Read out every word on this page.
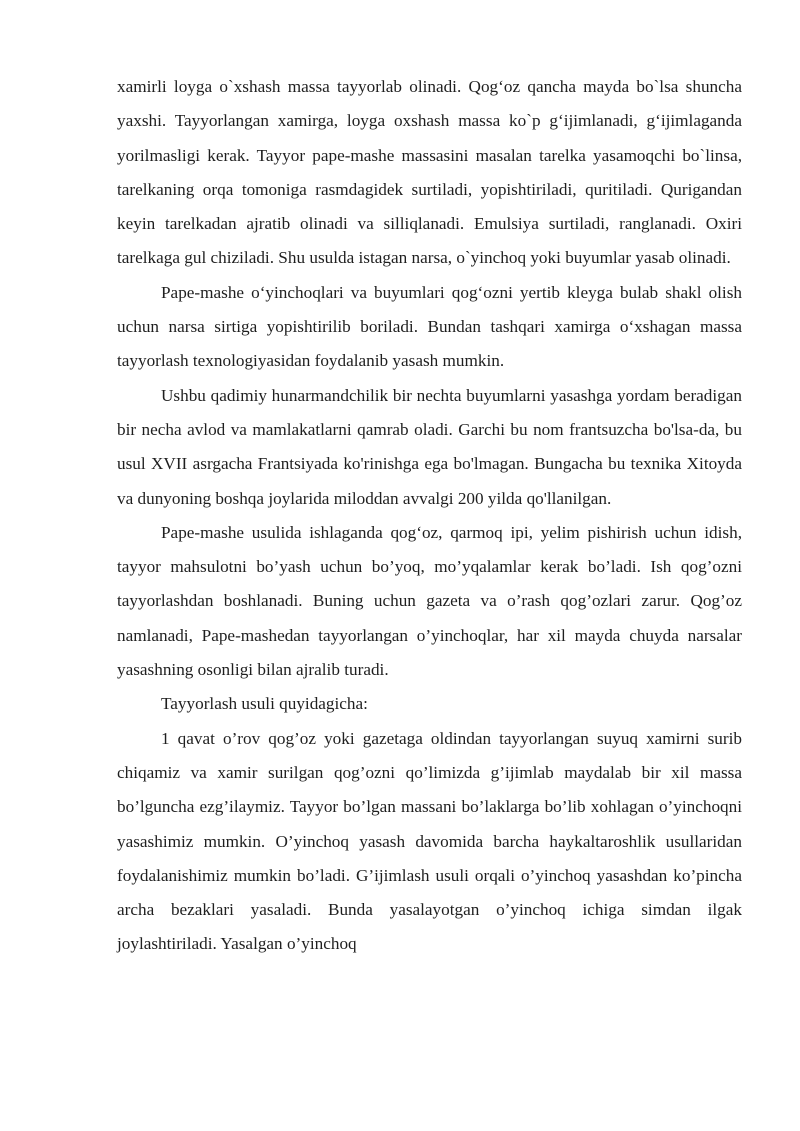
xamirli loyga o`xshash massa tayyorlab olinadi. Qog‘oz qancha mayda bo`lsa shuncha yaxshi. Tayyorlangan xamirga, loyga oxshash massa ko`p g‘ijimlanadi, g‘ijimlaganda yorilmasligi kerak. Tayyor pape-mashe massasini masalan tarelka yasamoqchi bo`linsa, tarelkaning orqa tomoniga rasmdagidek surtiladi, yopishtiriladi, quritiladi. Qurigandan keyin tarelkadan ajratib olinadi va silliqlanadi. Emulsiya surtiladi, ranglanadi. Oxiri tarelkaga gul chiziladi. Shu usulda istagan narsa, o`yinchoq yoki buyumlar yasab olinadi.

Pape-mashe o‘yinchoqlari va buyumlari qog‘ozni yertib kleyga bulab shakl olish uchun narsa sirtiga yopishtirilib boriladi. Bundan tashqari xamirga o‘xshagan massa tayyorlash texnologiyasidan foydalanib yasash mumkin.

Ushbu qadimiy hunarmandchilik bir nechta buyumlarni yasashga yordam beradigan bir necha avlod va mamlakatlarni qamrab oladi. Garchi bu nom frantsuzcha bo'lsa-da, bu usul XVII asrgacha Frantsiyada ko'rinishga ega bo'lmagan. Bungacha bu texnika Xitoyda va dunyoning boshqa joylarida miloddan avvalgi 200 yilda qo'llanilgan.

Pape-mashe usulida ishlaganda qog‘oz, qarmoq ipi, yelim pishirish uchun idish, tayyor mahsulotni bo’yash uchun bo’yoq, mo’yqalamlar kerak bo’ladi. Ish qog’ozni tayyorlashdan boshlanadi. Buning uchun gazeta va o’rash qog’ozlari zarur. Qog’oz namlanadi, Pape-mashedan tayyorlangan o’yinchoqlar, har xil mayda chuyda narsalar yasashning osonligi bilan ajralib turadi.

Tayyorlash usuli quyidagicha:

1 qavat o’rov qog’oz yoki gazetaga oldindan tayyorlangan suyuq xamirni surib chiqamiz va xamir surilgan qog’ozni qo’limizda g’ijimlab maydalab bir xil massa bo’lguncha ezg’ilaymiz. Tayyor bo’lgan massani bo’laklarga bo’lib xohlagan o’yinchoqni yasashimiz mumkin. O’yinchoq yasash davomida barcha haykaltaroshlik usullaridan foydalanishimiz mumkin bo’ladi. G’ijimlash usuli orqali o’yinchoq yasashdan ko’pincha archa bezaklari yasaladi. Bunda yasalayotgan o’yinchoq ichiga simdan ilgak joylashtiriladi. Yasalgan o’yinchoq
